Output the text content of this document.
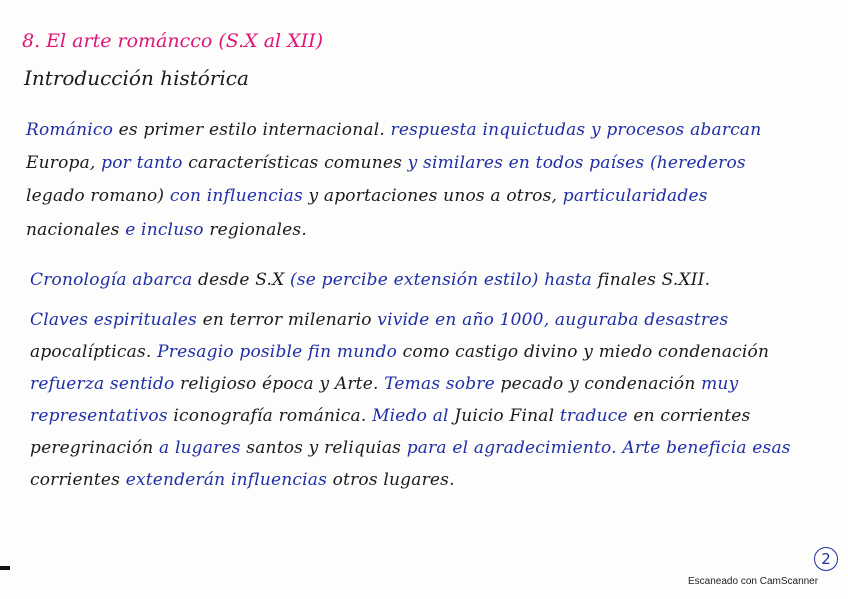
8. El arte románcco (S.X al XII)
Introducción histórica
Románico es primer estilo internacional. respuesta inquictudas y procesos abarcan
Europa, por tanto características comunes y similares en todos países (herederos
legado romano) con influencias y aportaciones unos a otros, particularidades
nacionales e incluso regionales.
Cronología abarca desde S.X (se percibe extensión estilo) hasta finales S.XII.
Claves espirituales en terror milenario vivide en año 1000, auguraba desastres
apocalípticas. Presagio posible fin mundo como castigo divino y miedo condenación
refuerza sentido religioso época y Arte. Temas sobre pecado y condenación muy
representativos iconografía románica. Miedo al Juicio Final traduce en corrientes
peregrinación a lugares santos y reliquias para el agradecimiento. Arte beneficia esas
corrientes extenderán influencias otros lugares.
2
Escaneado con CamScanner
